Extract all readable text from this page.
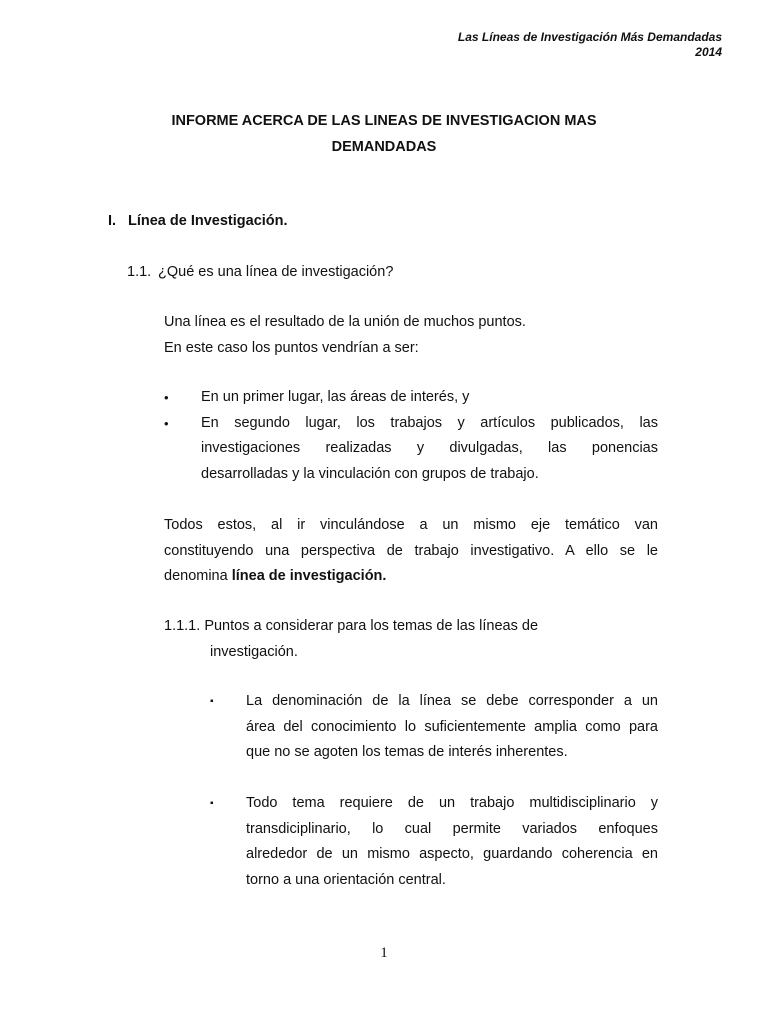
Las Líneas de Investigación Más Demandadas
2014
INFORME ACERCA DE LAS LINEAS DE INVESTIGACION MAS
DEMANDADAS
I. Línea de Investigación.
1.1. ¿Qué es una línea de investigación?
Una línea es el resultado de la unión de muchos puntos.
En este caso los puntos vendrían a ser:
• En un primer lugar, las áreas de interés, y
• En segundo lugar, los trabajos y artículos publicados, las
investigaciones realizadas y divulgadas, las ponencias
desarrolladas y la vinculación con grupos de trabajo.
Todos estos, al ir vinculándose a un mismo eje temático van
constituyendo una perspectiva de trabajo investigativo. A ello se le
denomina línea de investigación.
1.1.1. Puntos a considerar para los temas de las líneas de
investigación.
▪ La denominación de la línea se debe corresponder a un
área del conocimiento lo suficientemente amplia como para
que no se agoten los temas de interés inherentes.
▪ Todo tema requiere de un trabajo multidisciplinario y
transdiciplinario, lo cual permite variados enfoques
alrededor de un mismo aspecto, guardando coherencia en
torno a una orientación central.
1
